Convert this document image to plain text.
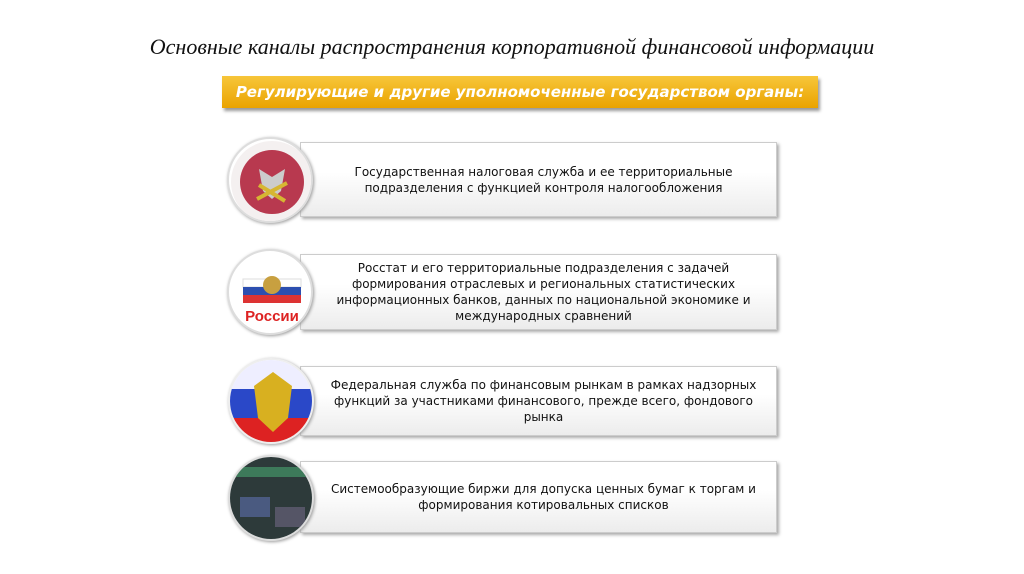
Основные каналы распространения корпоративной финансовой информации
Регулирующие и другие уполномоченные государством органы:
Государственная налоговая служба и ее территориальные подразделения с функцией контроля налогообложения
Росстат и его территориальные подразделения с задачей формирования отраслевых и региональных статистических информационных банков, данных по национальной экономике и международных сравнений
России
Федеральная служба по финансовым рынкам в рамках надзорных функций за участниками финансового, прежде всего, фондового рынка
Системообразующие биржи для допуска ценных бумаг к торгам и формирования котировальных списков
